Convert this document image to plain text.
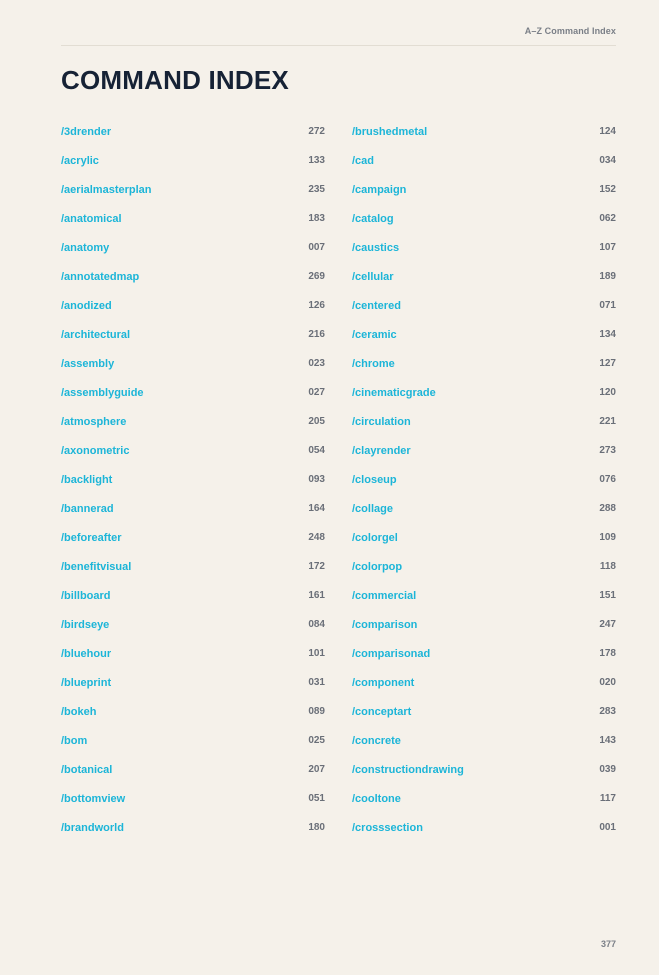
A–Z Command Index
COMMAND INDEX
/3drender	272
/acrylic	133
/aerialmasterplan	235
/anatomical	183
/anatomy	007
/annotatedmap	269
/anodized	126
/architectural	216
/assembly	023
/assemblyguide	027
/atmosphere	205
/axonometric	054
/backlight	093
/bannerad	164
/beforeafter	248
/benefitvisual	172
/billboard	161
/birdseye	084
/bluehour	101
/blueprint	031
/bokeh	089
/bom	025
/botanical	207
/bottomview	051
/brandworld	180
/brushedmetal	124
/cad	034
/campaign	152
/catalog	062
/caustics	107
/cellular	189
/centered	071
/ceramic	134
/chrome	127
/cinematicgrade	120
/circulation	221
/clayrender	273
/closeup	076
/collage	288
/colorgel	109
/colorpop	118
/commercial	151
/comparison	247
/comparisonad	178
/component	020
/conceptart	283
/concrete	143
/constructiondrawing	039
/cooltone	117
/crosssection	001
377
